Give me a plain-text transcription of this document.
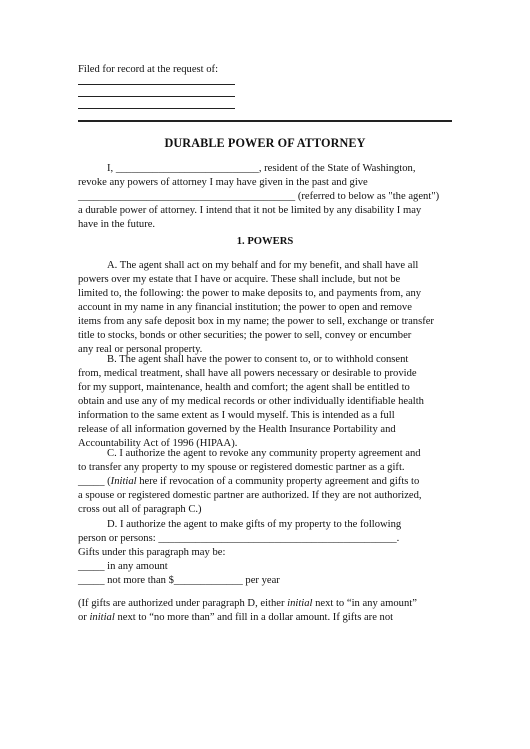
Filed for record at the request of:
DURABLE POWER OF ATTORNEY
I, ___________________________, resident of the State of Washington,
revoke any powers of attorney I may have given in the past and give
_________________________________________ (referred to below as "the agent")
a durable power of attorney. I intend that it not be limited by any disability I may
have in the future.
1. POWERS
A. The agent shall act on my behalf and for my benefit, and shall have all
powers over my estate that I have or acquire. These shall include, but not be
limited to, the following: the power to make deposits to, and payments from, any
account in my name in any financial institution; the power to open and remove
items from any safe deposit box in my name; the power to sell, exchange or transfer
title to stocks, bonds or other securities; the power to sell, convey or encumber
any real or personal property.
B. The agent shall have the power to consent to, or to withhold consent
from, medical treatment, shall have all powers necessary or desirable to provide
for my support, maintenance, health and comfort; the agent shall be entitled to
obtain and use any of my medical records or other individually identifiable health
information to the same extent as I would myself. This is intended as a full
release of all information governed by the Health Insurance Portability and
Accountability Act of 1996 (HIPAA).
C. I authorize the agent to revoke any community property agreement and
to transfer any property to my spouse or registered domestic partner as a gift.
_____ (Initial here if revocation of a community property agreement and gifts to
a spouse or registered domestic partner are authorized. If they are not authorized,
cross out all of paragraph C.)
D. I authorize the agent to make gifts of my property to the following
person or persons: _____________________________________________.
Gifts under this paragraph may be:
_____ in any amount
_____ not more than $_____________ per year
(If gifts are authorized under paragraph D, either initial next to “in any amount”
or initial next to “no more than” and fill in a dollar amount. If gifts are not
